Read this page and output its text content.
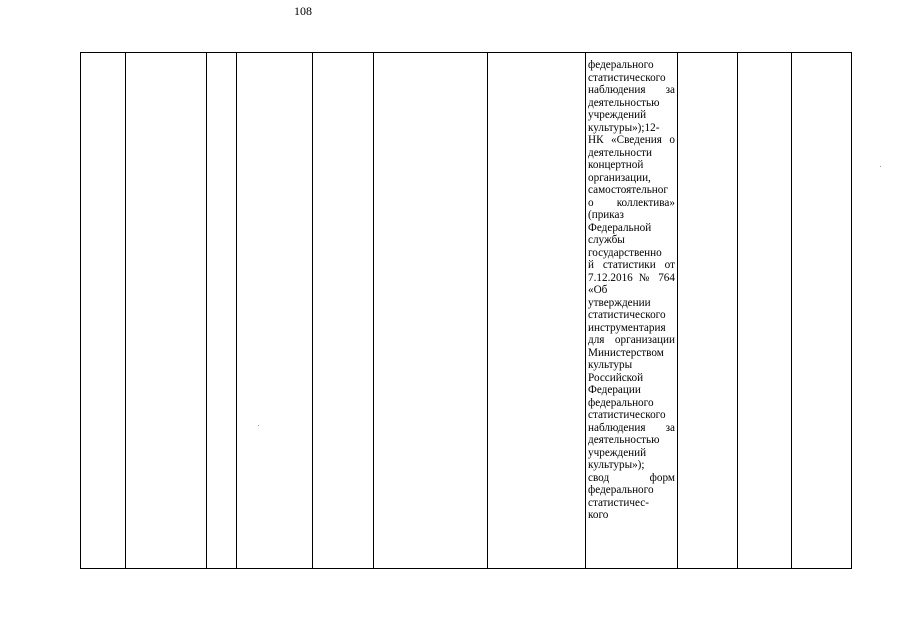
108

федерального
статистического
наблюдения за
деятельностью
учреждений
культуры»);12-
НК «Сведения о
деятельности
концертной
организации,
самостоятельног
о коллектива»
(приказ
Федеральной
службы
государственно
й статистики от
7.12.2016 № 764
«Об
утверждении
статистического
инструментария
для организации
Министерством
культуры
Российской
Федерации
федерального
статистического
наблюдения за
деятельностью
учреждений
культуры»);
свод форм
федерального
статистичес-
кого
